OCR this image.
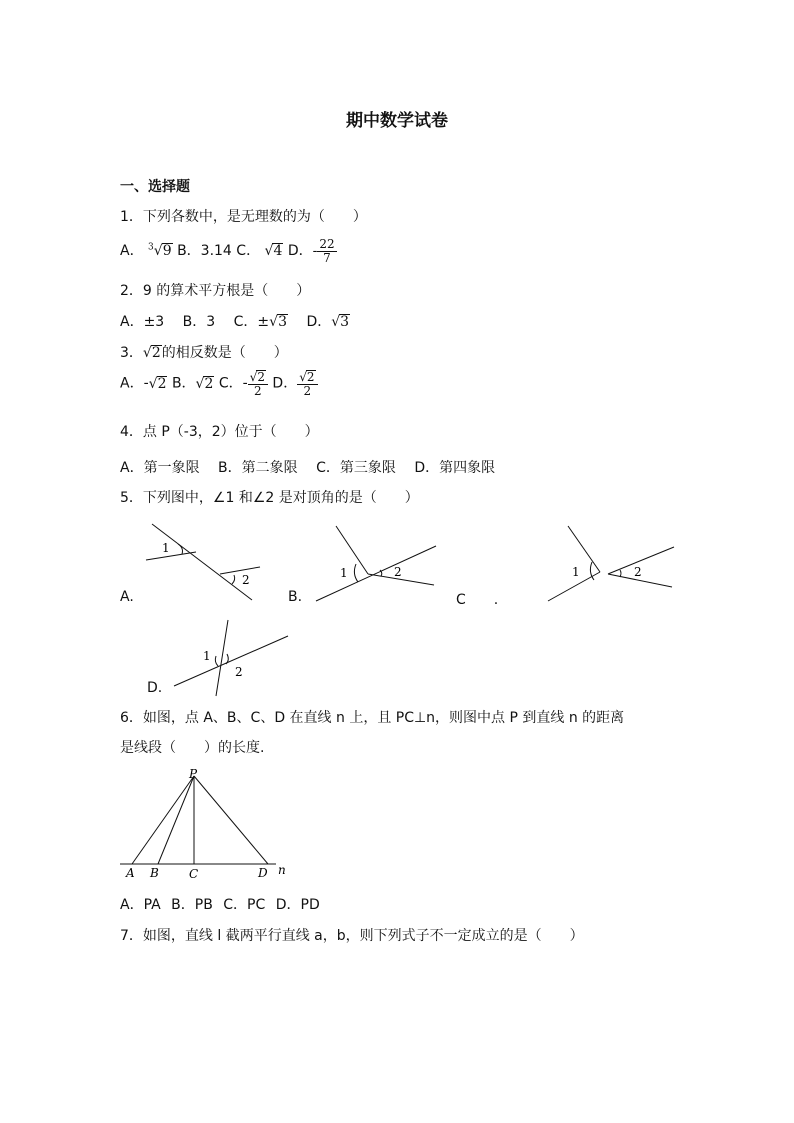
期中数学试卷
一、选择题
1．下列各数中，是无理数的为（　　）
A． $^3$√9 B．3.14 C． √4 D．- $\frac{22}{7}$
2．9 的算术平方根是（　　）
A．±3 B．3 C．±√3 D．√3
3．√2的相反数是（　　）
A．-√2 B．√2 C．- $\frac{√2}{2}$ D． $\frac{√2}{2}$
4．点 P（-3，2）位于（　　）
A．第一象限 B．第二象限 C．第三象限 D．第四象限
5．下列图中，∠1 和∠2 是对顶角的是（　　）
1
2
A.
1	2
B.
1	2
C　　.
1
2
D.
6．如图，点 A、B、C、D 在直线 n 上，且 PC⊥n，则图中点 P 到直线 n 的距离
是线段（　　）的长度.
P
A B	C	D n
A．PA B．PB C．PC D．PD
7．如图，直线 l 截两平行直线 a，b，则下列式子不一定成立的是（　　）
